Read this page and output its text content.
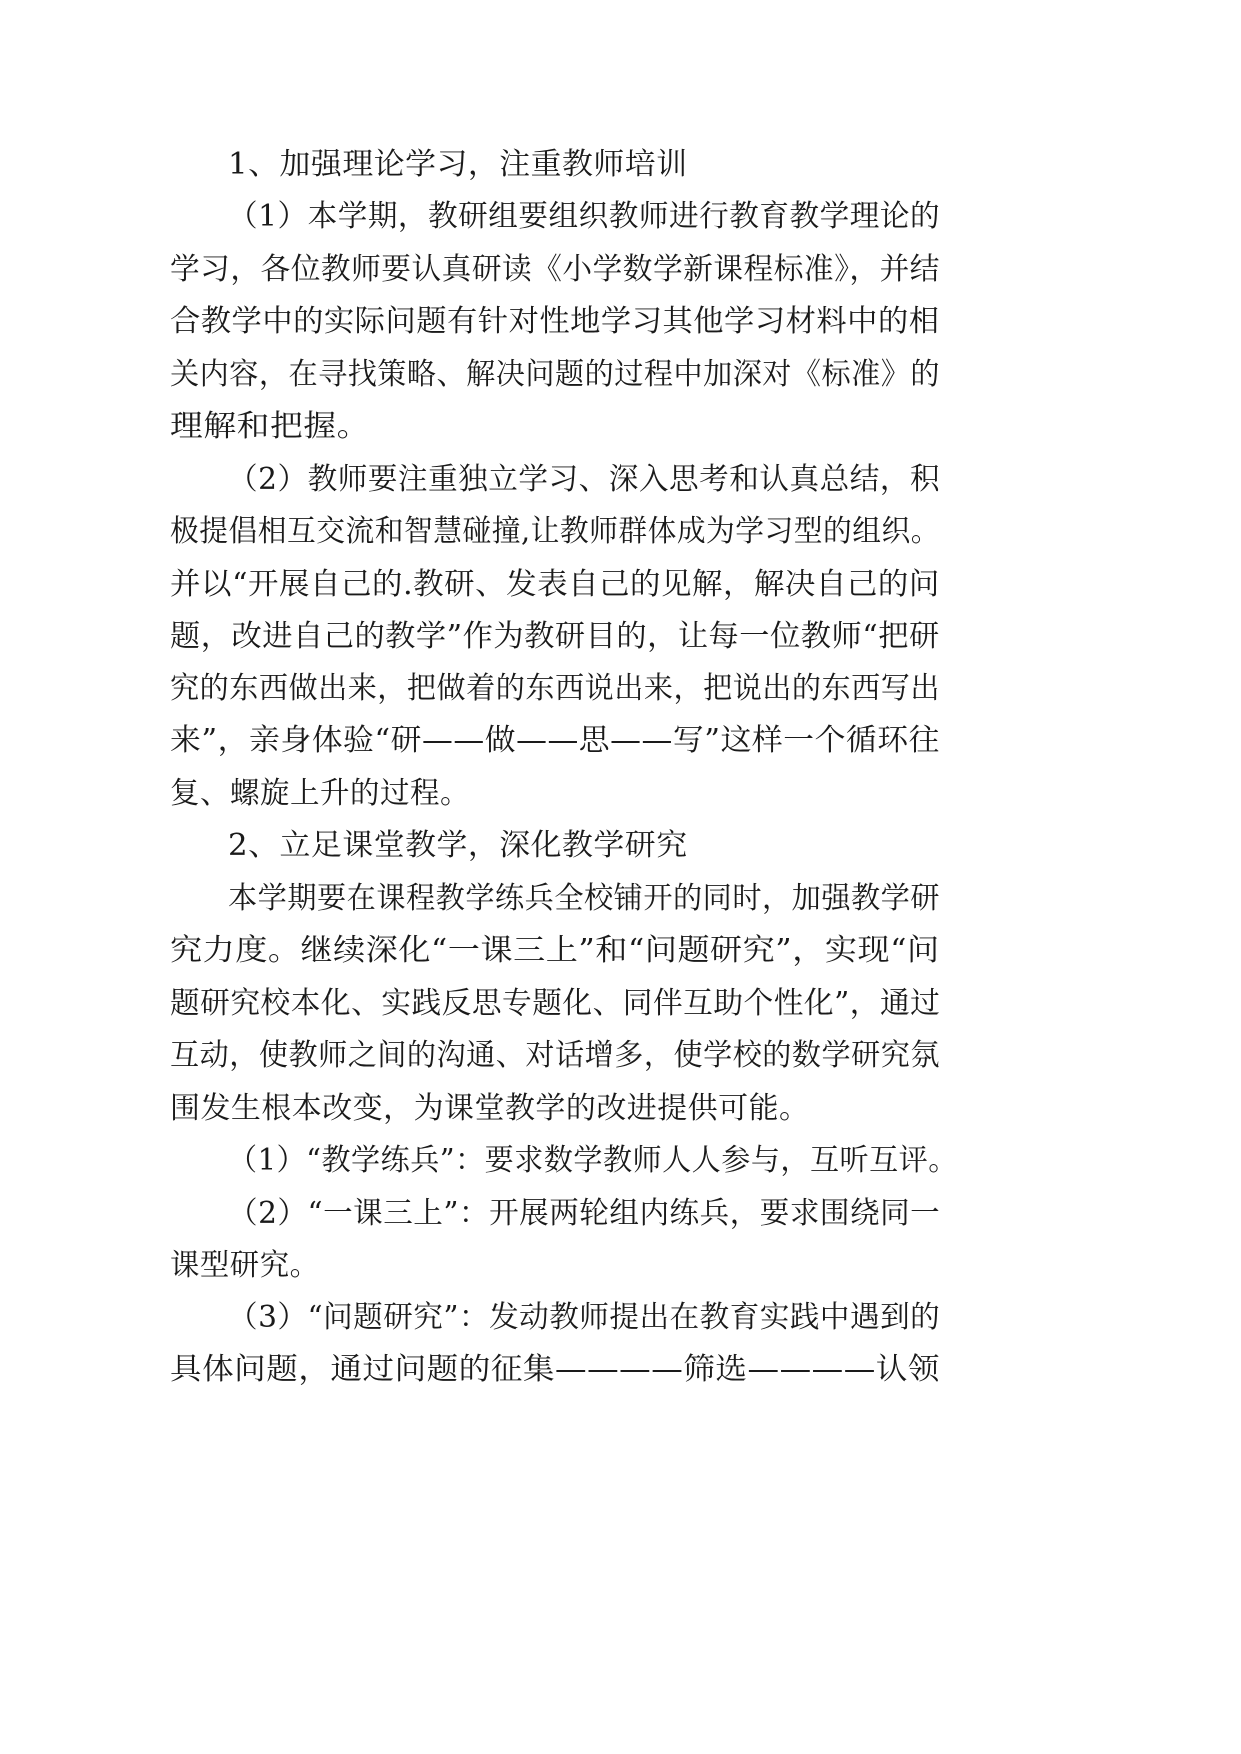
1、加强理论学习，注重教师培训
（1）本学期，教研组要组织教师进行教育教学理论的
学习，各位教师要认真研读《小学数学新课程标准》，并结
合教学中的实际问题有针对性地学习其他学习材料中的相
关内容，在寻找策略、解决问题的过程中加深对《标准》的
理解和把握。
（2）教师要注重独立学习、深入思考和认真总结，积
极提倡相互交流和智慧碰撞,让教师群体成为学习型的组织。
并以“开展自己的.教研、发表自己的见解，解决自己的问
题，改进自己的教学”作为教研目的，让每一位教师“把研
究的东西做出来，把做着的东西说出来，把说出的东西写出
来”，亲身体验“研——做——思——写”这样一个循环往
复、螺旋上升的过程。
2、立足课堂教学，深化教学研究
本学期要在课程教学练兵全校铺开的同时，加强教学研
究力度。继续深化“一课三上”和“问题研究”，实现“问
题研究校本化、实践反思专题化、同伴互助个性化”，通过
互动，使教师之间的沟通、对话增多，使学校的数学研究氛
围发生根本改变，为课堂教学的改进提供可能。
（1）“教学练兵”：要求数学教师人人参与，互听互评。
（2）“一课三上”：开展两轮组内练兵，要求围绕同一
课型研究。
（3）“问题研究”：发动教师提出在教育实践中遇到的
具体问题，通过问题的征集————筛选————认领
